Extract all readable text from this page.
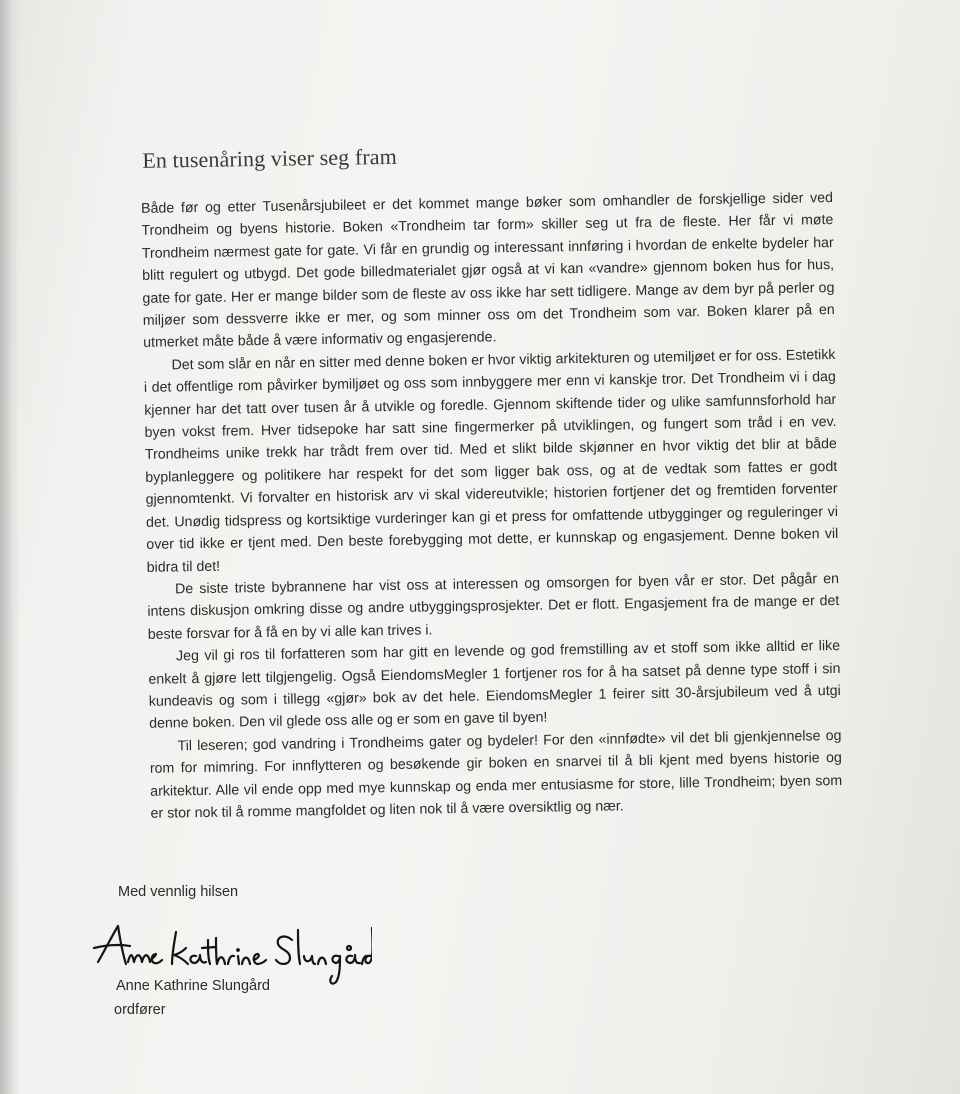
En tusenåring viser seg fram

Både før og etter Tusenårsjubileet er det kommet mange bøker som omhandler de forskjellige sider ved Trondheim og byens historie. Boken «Trondheim tar form» skiller seg ut fra de fleste. Her får vi møte Trondheim nærmest gate for gate. Vi får en grundig og interessant innføring i hvordan de enkelte bydeler har blitt regulert og utbygd. Det gode billedmaterialet gjør også at vi kan «vandre» gjennom boken hus for hus, gate for gate. Her er mange bilder som de fleste av oss ikke har sett tidligere. Mange av dem byr på perler og miljøer som dessverre ikke er mer, og som minner oss om det Trondheim som var. Boken klarer på en utmerket måte både å være informativ og engasjerende.

Det som slår en når en sitter med denne boken er hvor viktig arkitekturen og utemiljøet er for oss. Estetikk i det offentlige rom påvirker bymiljøet og oss som innbyggere mer enn vi kanskje tror. Det Trondheim vi i dag kjenner har det tatt over tusen år å utvikle og foredle. Gjennom skiftende tider og ulike samfunnsforhold har byen vokst frem. Hver tidsepoke har satt sine fingermerker på utviklingen, og fungert som tråd i en vev. Trondheims unike trekk har trådt frem over tid. Med et slikt bilde skjønner en hvor viktig det blir at både byplanleggere og politikere har respekt for det som ligger bak oss, og at de vedtak som fattes er godt gjennomtenkt. Vi forvalter en historisk arv vi skal videreutvikle; historien fortjener det og fremtiden forventer det. Unødig tidspress og kortsiktige vurderinger kan gi et press for omfattende utbygginger og reguleringer vi over tid ikke er tjent med. Den beste forebygging mot dette, er kunnskap og engasjement. Denne boken vil bidra til det!

De siste triste bybrannene har vist oss at interessen og omsorgen for byen vår er stor. Det pågår en intens diskusjon omkring disse og andre utbyggingsprosjekter. Det er flott. Engasjement fra de mange er det beste forsvar for å få en by vi alle kan trives i.

Jeg vil gi ros til forfatteren som har gitt en levende og god fremstilling av et stoff som ikke alltid er like enkelt å gjøre lett tilgjengelig. Også EiendomsMegler 1 fortjener ros for å ha satset på denne type stoff i sin kundeavis og som i tillegg «gjør» bok av det hele. EiendomsMegler 1 feirer sitt 30-årsjubileum ved å utgi denne boken. Den vil glede oss alle og er som en gave til byen!

Til leseren; god vandring i Trondheims gater og bydeler! For den «innfødte» vil det bli gjenkjennelse og rom for mimring. For innflytteren og besøkende gir boken en snarvei til å bli kjent med byens historie og arkitektur. Alle vil ende opp med mye kunnskap og enda mer entusiasme for store, lille Trondheim; byen som er stor nok til å romme mangfoldet og liten nok til å være oversiktlig og nær.

Med vennlig hilsen
Anne Kathrine Slungård
ordfører
